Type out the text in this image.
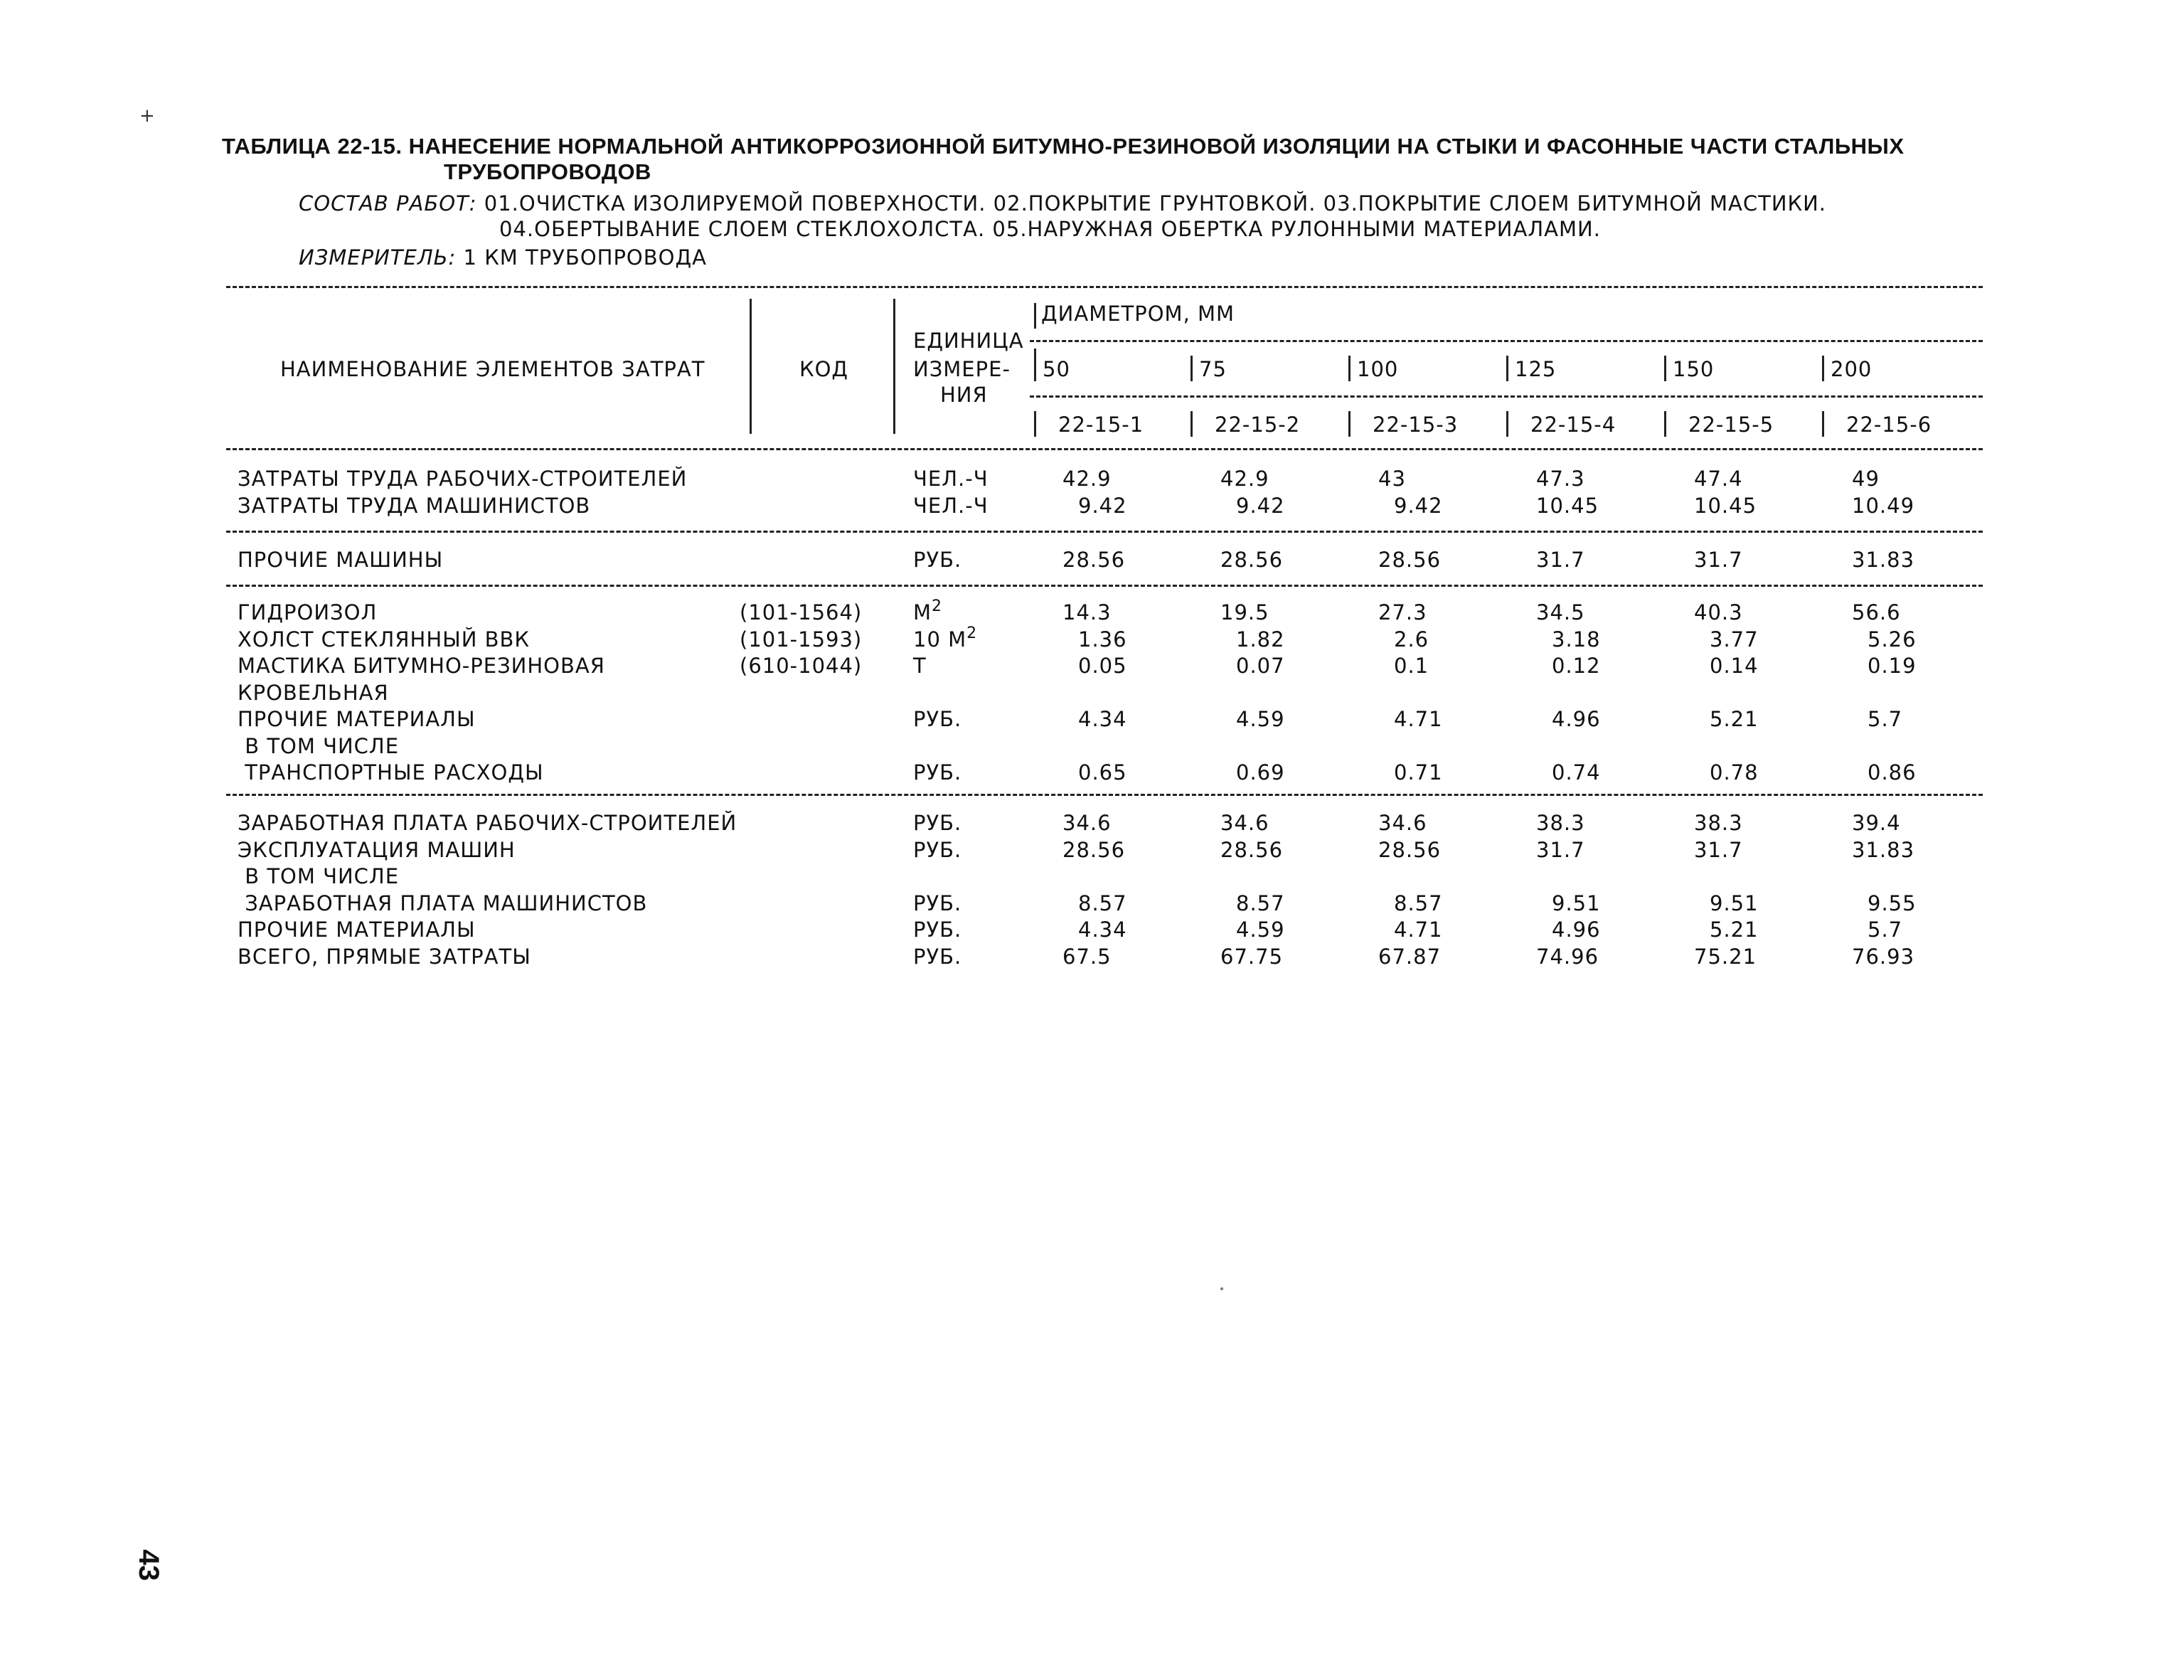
+
ТАБЛИЦА 22-15. НАНЕСЕНИЕ НОРМАЛЬНОЙ АНТИКОРРОЗИОННОЙ БИТУМНО-РЕЗИНОВОЙ ИЗОЛЯЦИИ НА СТЫКИ И ФАСОННЫЕ ЧАСТИ СТАЛЬНЫХ
ТРУБОПРОВОДОВ
СОСТАВ РАБОТ: 01.ОЧИСТКА ИЗОЛИРУЕМОЙ ПОВЕРХНОСТИ. 02.ПОКРЫТИЕ ГРУНТОВКОЙ. 03.ПОКРЫТИЕ СЛОЕМ БИТУМНОЙ МАСТИКИ.
04.ОБЕРТЫВАНИЕ СЛОЕМ СТЕКЛОХОЛСТА. 05.НАРУЖНАЯ ОБЕРТКА РУЛОННЫМИ МАТЕРИАЛАМИ.
ИЗМЕРИТЕЛЬ: 1 КМ ТРУБОПРОВОДА
НАИМЕНОВАНИЕ ЭЛЕМЕНТОВ ЗАТРАТ	КОД
ЕДИНИЦА
ИЗМЕРЕ-
НИЯ
ДИАМЕТРОМ, ММ
50	75	100	125	150	200
22-15-1	22-15-2	22-15-3	22-15-4	22-15-5	22-15-6
ЗАТРАТЫ ТРУДА РАБОЧИХ-СТРОИТЕЛЕЙ	ЧЕЛ.-Ч	42.9	42.9	43	47.3	47.4	49
ЗАТРАТЫ ТРУДА МАШИНИСТОВ	ЧЕЛ.-Ч	9.42	9.42	9.42	10.45	10.45	10.49
ПРОЧИЕ МАШИНЫ	РУБ.	28.56	28.56	28.56	31.7	31.7	31.83
ГИДРОИЗОЛ	(101-1564) $М^2$	14.3	19.5	27.3	34.5	40.3	56.6
ХОЛСТ СТЕКЛЯННЫЙ ВВК	(101-1593) 10 $М^2$	1.36	1.82	2.6	3.18	3.77	5.26
МАСТИКА БИТУМНО-РЕЗИНОВАЯ	(610-1044) Т	0.05	0.07	0.1	0.12	0.14	0.19
КРОВЕЛЬНАЯ
ПРОЧИЕ МАТЕРИАЛЫ	РУБ.	4.34	4.59	4.71	4.96	5.21	5.7
В ТОМ ЧИСЛЕ
ТРАНСПОРТНЫЕ РАСХОДЫ	РУБ.	0.65	0.69	0.71	0.74	0.78	0.86
ЗАРАБОТНАЯ ПЛАТА РАБОЧИХ-СТРОИТЕЛЕЙ	РУБ.	34.6	34.6	34.6	38.3	38.3	39.4
ЭКСПЛУАТАЦИЯ МАШИН	РУБ.	28.56	28.56	28.56	31.7	31.7	31.83
В ТОМ ЧИСЛЕ
ЗАРАБОТНАЯ ПЛАТА МАШИНИСТОВ	РУБ.	8.57	8.57	8.57	9.51	9.51	9.55
ПРОЧИЕ МАТЕРИАЛЫ	РУБ.	4.34	4.59	4.71	4.96	5.21	5.7
ВСЕГО, ПРЯМЫЕ ЗАТРАТЫ	РУБ.	67.5	67.75	67.87	74.96	75.21	76.93
43
